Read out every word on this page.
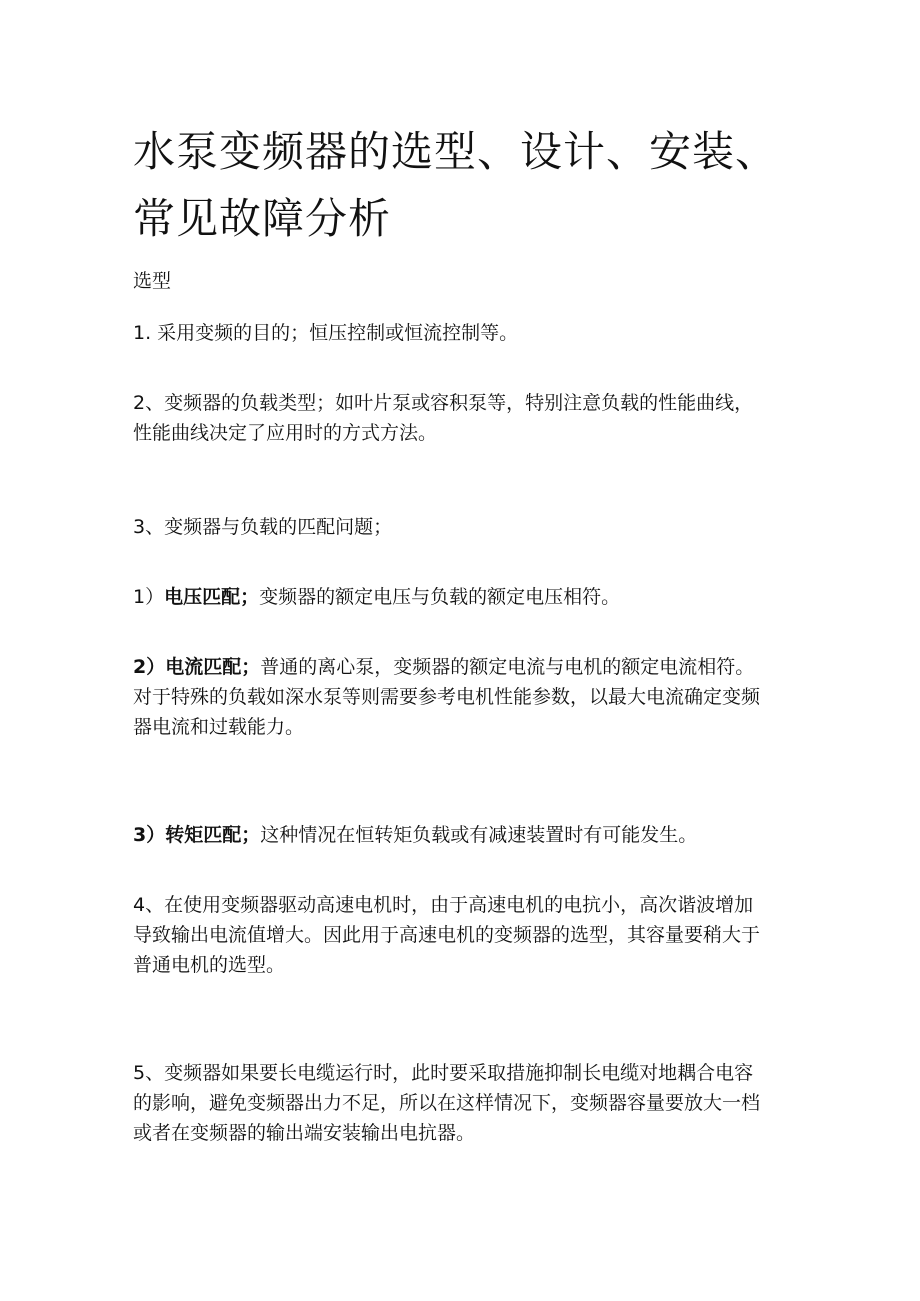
水泵变频器的选型、设计、安装、
常见故障分析

选型

1. 采用变频的目的；恒压控制或恒流控制等。

2、变频器的负载类型；如叶片泵或容积泵等，特别注意负载的性能曲线，
性能曲线决定了应用时的方式方法。

3、变频器与负载的匹配问题；

1）电压匹配；变频器的额定电压与负载的额定电压相符。

2）电流匹配；普通的离心泵，变频器的额定电流与电机的额定电流相符。
对于特殊的负载如深水泵等则需要参考电机性能参数，以最大电流确定变频
器电流和过载能力。

3）转矩匹配；这种情况在恒转矩负载或有减速装置时有可能发生。

4、在使用变频器驱动高速电机时，由于高速电机的电抗小，高次谐波增加
导致输出电流值增大。因此用于高速电机的变频器的选型，其容量要稍大于
普通电机的选型。

5、变频器如果要长电缆运行时，此时要采取措施抑制长电缆对地耦合电容
的影响，避免变频器出力不足，所以在这样情况下，变频器容量要放大一档
或者在变频器的输出端安装输出电抗器。
